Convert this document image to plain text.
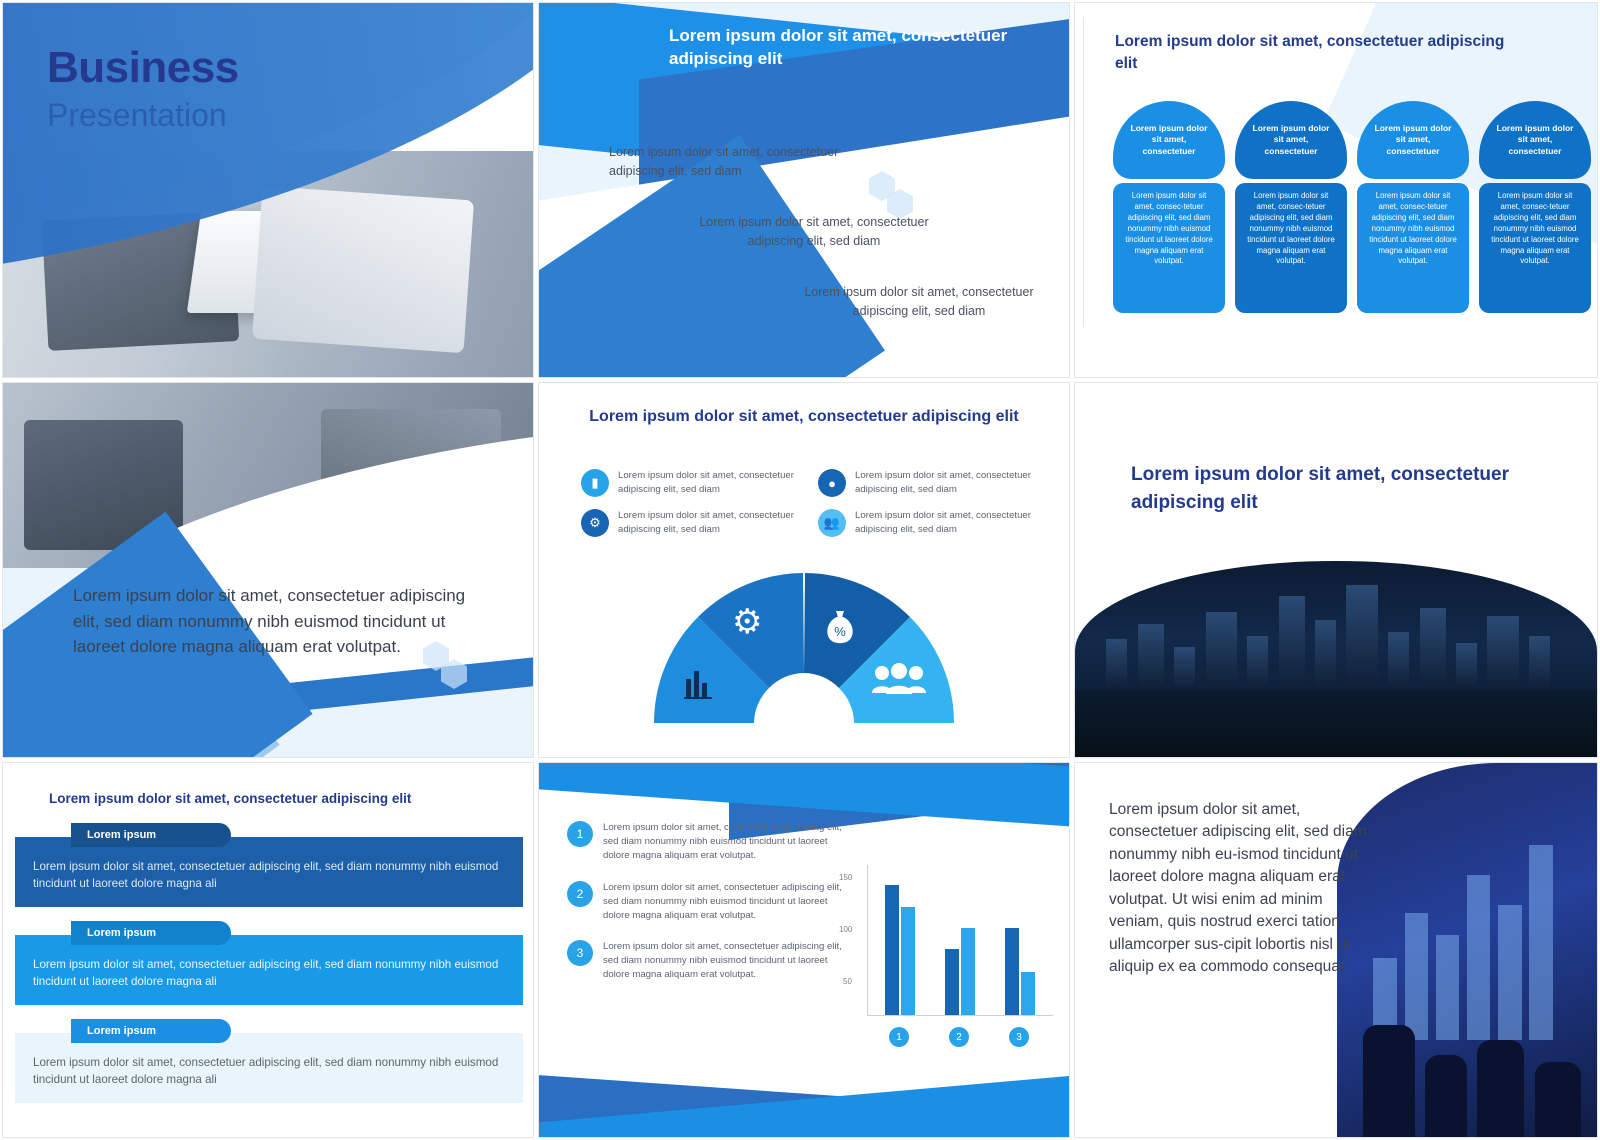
Business
Presentation
Lorem ipsum dolor sit amet, consectetuer adipiscing elit
Lorem ipsum dolor sit amet, consectetuer adipiscing elit, sed diam
Lorem ipsum dolor sit amet, consectetuer adipiscing elit, sed diam
Lorem ipsum dolor sit amet, consectetuer adipiscing elit, sed diam
Lorem ipsum dolor sit amet, consectetuer adipiscing elit
Lorem ipsum dolor sit amet, consectetuer
Lorem ipsum dolor sit amet, consec-tetuer adipiscing elit, sed diam nonummy nibh euismod tincidunt ut laoreet dolore magna aliquam erat volutpat.
Lorem ipsum dolor sit amet, consectetuer
Lorem ipsum dolor sit amet, consec-tetuer adipiscing elit, sed diam nonummy nibh euismod tincidunt ut laoreet dolore magna aliquam erat volutpat.
Lorem ipsum dolor sit amet, consectetuer
Lorem ipsum dolor sit amet, consec-tetuer adipiscing elit, sed diam nonummy nibh euismod tincidunt ut laoreet dolore magna aliquam erat volutpat.
Lorem ipsum dolor sit amet, consectetuer
Lorem ipsum dolor sit amet, consec-tetuer adipiscing elit, sed diam nonummy nibh euismod tincidunt ut laoreet dolore magna aliquam erat volutpat.
Lorem ipsum dolor sit amet, consectetuer adipiscing elit, sed diam nonummy nibh euismod tincidunt ut laoreet dolore magna aliquam erat volutpat.
Lorem ipsum dolor sit amet, consectetuer adipiscing elit
▮	Lorem ipsum dolor sit amet, consectetuer adipiscing elit, sed diam	●	Lorem ipsum dolor sit amet, consectetuer adipiscing elit, sed diam
⚙	Lorem ipsum dolor sit amet, consectetuer adipiscing elit, sed diam	👥	Lorem ipsum dolor sit amet, consectetuer adipiscing elit, sed diam
⚙	%
Lorem ipsum dolor sit amet, consectetuer adipiscing elit
Lorem ipsum dolor sit amet, consectetuer adipiscing elit
Lorem ipsum
Lorem ipsum dolor sit amet, consectetuer adipiscing elit, sed diam nonummy nibh euismod tincidunt ut laoreet dolore magna ali
Lorem ipsum
Lorem ipsum dolor sit amet, consectetuer adipiscing elit, sed diam nonummy nibh euismod tincidunt ut laoreet dolore magna ali
Lorem ipsum
Lorem ipsum dolor sit amet, consectetuer adipiscing elit, sed diam nonummy nibh euismod tincidunt ut laoreet dolore magna ali
1	Lorem ipsum dolor sit amet, consectetuer adipiscing elit, sed diam nonummy nibh euismod tincidunt ut laoreet dolore magna aliquam erat volutpat.
2	Lorem ipsum dolor sit amet, consectetuer adipiscing elit, sed diam nonummy nibh euismod tincidunt ut laoreet dolore magna aliquam erat volutpat.
3	Lorem ipsum dolor sit amet, consectetuer adipiscing elit, sed diam nonummy nibh euismod tincidunt ut laoreet dolore magna aliquam erat volutpat.
150
100
50
1	2	3
Lorem ipsum dolor sit amet, consectetuer adipiscing elit, sed diam nonummy nibh eu-ismod tincidunt ut laoreet dolore magna aliquam erat volutpat. Ut wisi enim ad minim veniam, quis nostrud exerci tation ullamcorper sus-cipit lobortis nisl ut aliquip ex ea commodo consequat.
